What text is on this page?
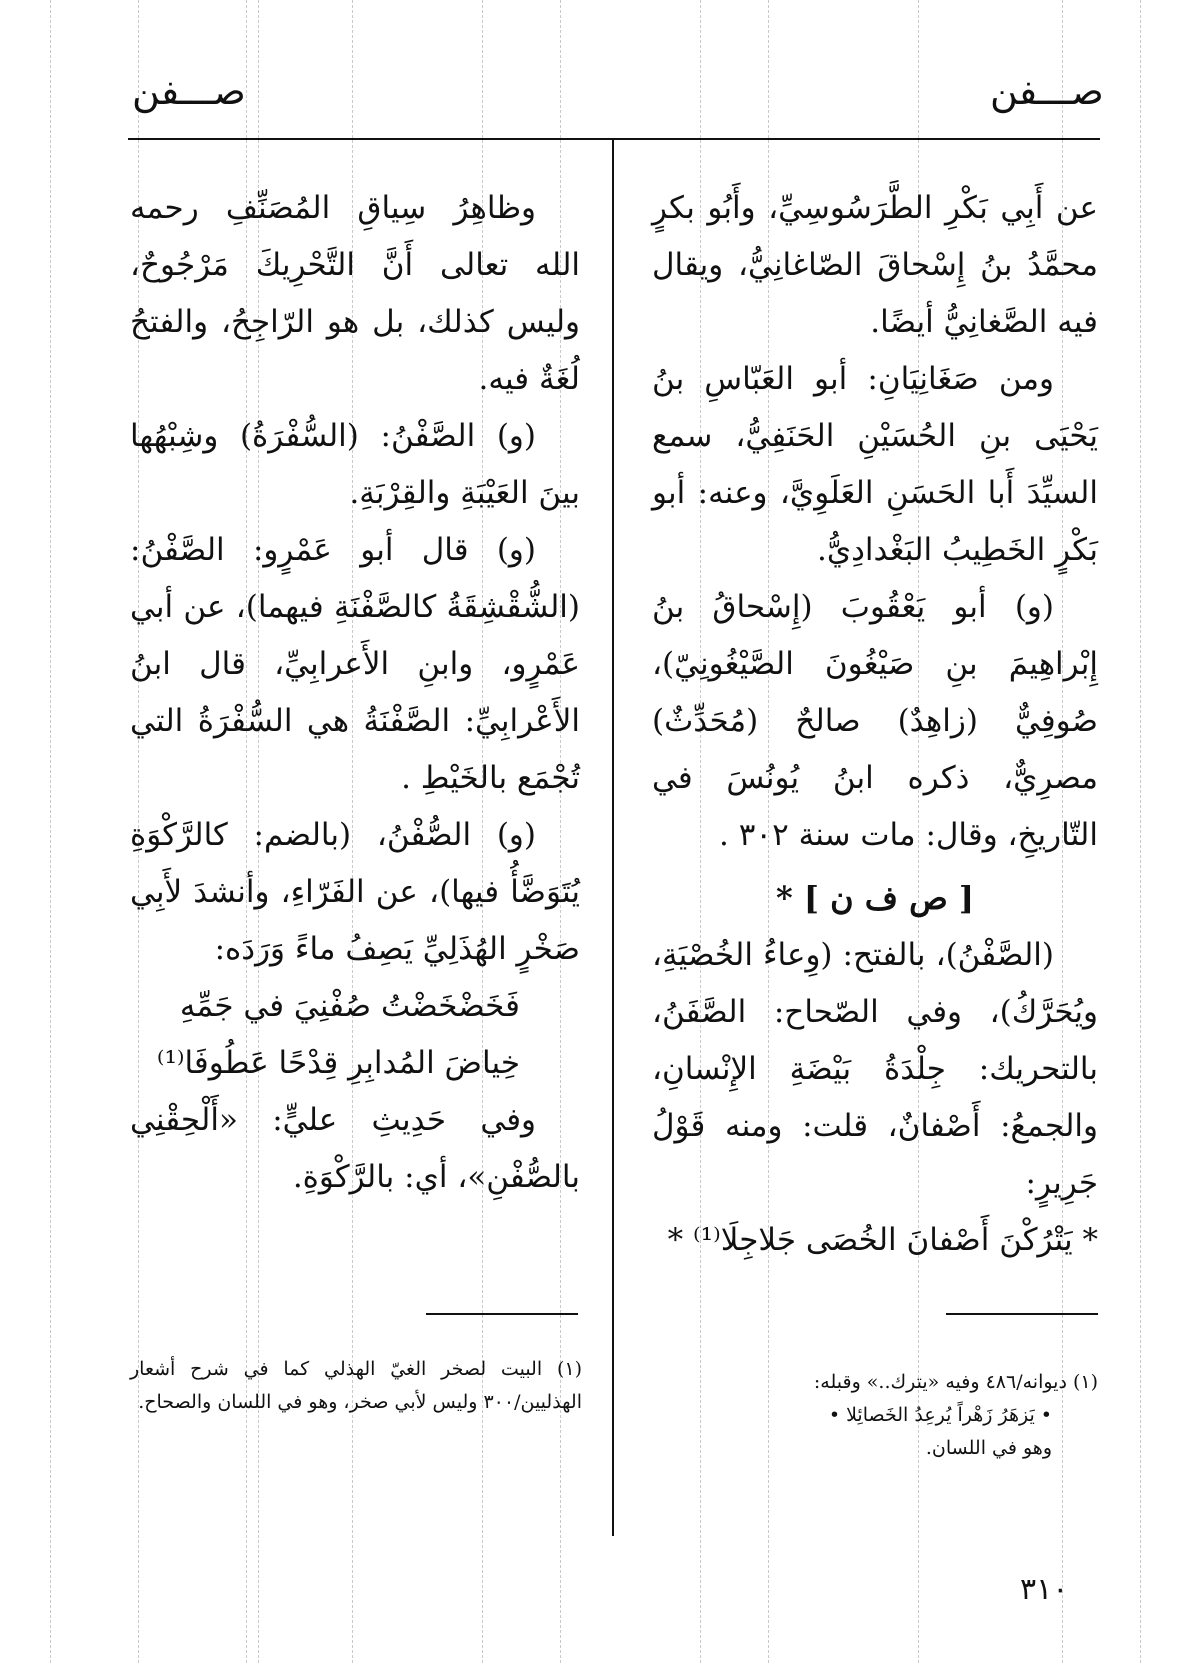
صـــفن	صـــفن

عن أَبِي بَكْرِ الطَّرَسُوسِيِّ، وأَبُو بكرٍ محمَّدُ بنُ إِسْحاقَ الصّاغانِيُّ، ويقال فيه الصَّغانِيُّ أيضًا.

ومن صَغَانِيَانِ: أبو العَبّاسِ بنُ يَحْيَى بنِ الحُسَيْنِ الحَنَفِيُّ، سمع السيِّدَ أَبا الحَسَنِ العَلَوِيَّ، وعنه: أبو بَكْرٍ الخَطِيبُ البَغْدادِيُّ.

(و) أبو يَعْقُوبَ (إِسْحاقُ بنُ إِبْراهِيمَ بنِ صَيْغُونَ الصَّيْغُونِيّ)، صُوفِيٌّ (زاهِدٌ) صالحٌ (مُحَدِّثٌ) مصرِيٌّ، ذكره ابنُ يُونُسَ في التّاريخِ، وقال: مات سنة ٣٠٢ .

[ ص ف ن ] *

(الصَّفْنُ)، بالفتح: (وِعاءُ الخُصْيَةِ، ويُحَرَّكُ)، وفي الصّحاح: الصَّفَنُ، بالتحريك: جِلْدَةُ بَيْضَةِ الإِنْسانِ، والجمعُ: أَصْفانٌ، قلت: ومنه قَوْلُ جَرِيرٍ:

* يَتْرُكْنَ أَصْفانَ الخُصَى جَلاجِلَا⁽¹⁾ *

وظاهِرُ سِياقِ المُصَنِّفِ رحمه الله تعالى أَنَّ التَّحْرِيكَ مَرْجُوحٌ، وليس كذلك، بل هو الرّاجِحُ، والفتحُ لُغَةٌ فيه.

(و) الصَّفْنُ: (السُّفْرَةُ) وشِبْهُها بينَ العَيْبَةِ والقِرْبَةِ.

(و) قال أبو عَمْرٍو: الصَّفْنُ: (الشُّقْشِقَةُ كالصَّفْنَةِ فيهما)، عن أبي عَمْرٍو، وابنِ الأَعرابِيِّ، قال ابنُ الأَعْرابِيِّ: الصَّفْنَةُ هي السُّفْرَةُ التي تُجْمَع بالخَيْطِ .

(و) الصُّفْنُ، (بالضم: كالرَّكْوَةِ يُتَوَضَّأُ فيها)، عن الفَرّاءِ، وأنشدَ لأَبِي صَخْرٍ الهُذَلِيِّ يَصِفُ ماءً وَرَدَه:

فَخَضْخَضْتُ صُفْنِيَ في جَمِّهِ

خِياضَ المُدابِرِ قِدْحًا عَطُوفَا⁽¹⁾

وفي حَدِيثِ عليٍّ: «أَلْحِقْنِي بالصُّفْنِ»، أي: بالرَّكْوَةِ.

(١) ديوانه/٤٨٦ وفيه «يترك..» وقبله:

• يَزهَرُ زَهْراً يُرعِدُ الخَصائِلا •

وهو في اللسان.

(١) البيت لصخر الغيّ الهذلي كما في شرح أشعار الهذليين/٣٠٠ وليس لأبي صخر، وهو في اللسان والصحاح.

٣١٠
